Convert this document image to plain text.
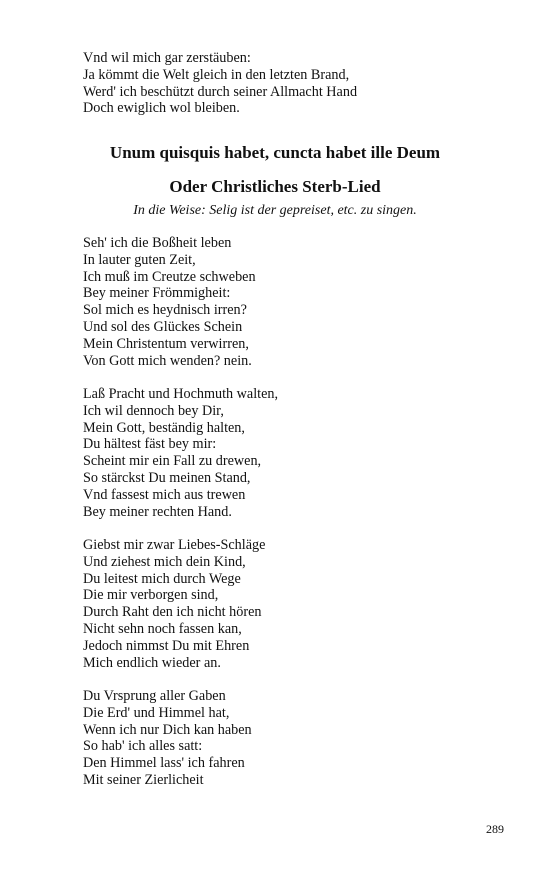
Vnd wil mich gar zerstäuben:
Ja kömmt die Welt gleich in den letzten Brand,
Werd' ich beschützt durch seiner Allmacht Hand
Doch ewiglich wol bleiben.
Unum quisquis habet, cuncta habet ille Deum
Oder Christliches Sterb-Lied
In die Weise: Selig ist der gepreiset, etc. zu singen.
Seh' ich die Boßheit leben
In lauter guten Zeit,
Ich muß im Creutze schweben
Bey meiner Frömmigheit:
Sol mich es heydnisch irren?
Und sol des Glückes Schein
Mein Christentum verwirren,
Von Gott mich wenden? nein.
Laß Pracht und Hochmuth walten,
Ich wil dennoch bey Dir,
Mein Gott, beständig halten,
Du hältest fäst bey mir:
Scheint mir ein Fall zu drewen,
So stärckst Du meinen Stand,
Vnd fassest mich aus trewen
Bey meiner rechten Hand.
Giebst mir zwar Liebes-Schläge
Und ziehest mich dein Kind,
Du leitest mich durch Wege
Die mir verborgen sind,
Durch Raht den ich nicht hören
Nicht sehn noch fassen kan,
Jedoch nimmst Du mit Ehren
Mich endlich wieder an.
Du Vrsprung aller Gaben
Die Erd' und Himmel hat,
Wenn ich nur Dich kan haben
So hab' ich alles satt:
Den Himmel lass' ich fahren
Mit seiner Zierlicheit
289
